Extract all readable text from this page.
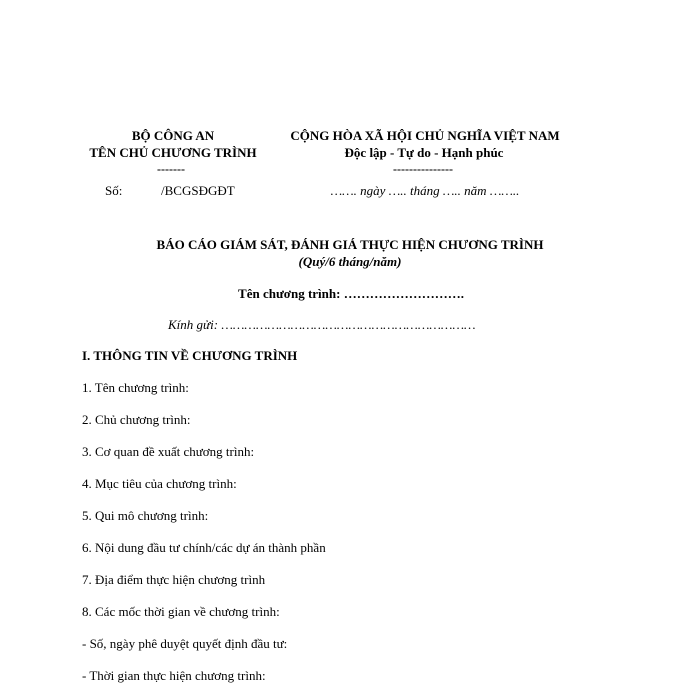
BỘ CÔNG AN
TÊN CHỦ CHƯƠNG TRÌNH
-------
Số:	/BCGSĐGĐT
CỘNG HÒA XÃ HỘI CHỦ NGHĨA VIỆT NAM
Độc lập - Tự do - Hạnh phúc
---------------
……. ngày ….. tháng ….. năm ……..
BÁO CÁO GIÁM SÁT, ĐÁNH GIÁ THỰC HIỆN CHƯƠNG TRÌNH
(Quý/6 tháng/năm)
Tên chương trình: ……………………….
Kính gửi: …………………………………………………………
I. THÔNG TIN VỀ CHƯƠNG TRÌNH
1. Tên chương trình:
2. Chủ chương trình:
3. Cơ quan đề xuất chương trình:
4. Mục tiêu của chương trình:
5. Qui mô chương trình:
6. Nội dung đầu tư chính/các dự án thành phần
7. Địa điểm thực hiện chương trình
8. Các mốc thời gian về chương trình:
- Số, ngày phê duyệt quyết định đầu tư:
- Thời gian thực hiện chương trình:
